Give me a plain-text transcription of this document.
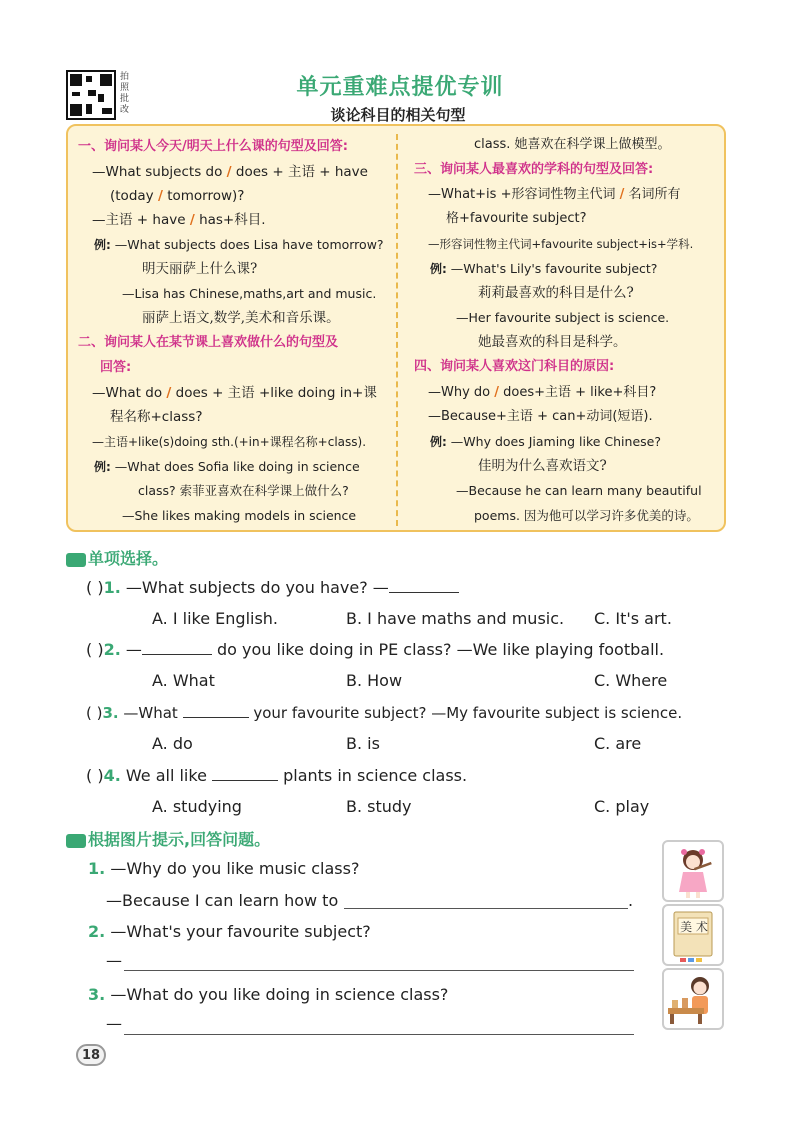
拍照批改
单元重难点提优专训
谈论科目的相关句型
一、询问某人今天/明天上什么课的句型及回答:
—What subjects do / does + 主语 + have
(today / tomorrow)?
—主语 + have / has+科目.
例: —What subjects does Lisa have tomorrow?
明天丽萨上什么课?
—Lisa has Chinese,maths,art and music.
丽萨上语文,数学,美术和音乐课。
二、询问某人在某节课上喜欢做什么的句型及
回答:
—What do / does + 主语 +like doing in+课
程名称+class?
—主语+like(s)doing sth.(+in+课程名称+class).
例: —What does Sofia like doing in science
class? 索菲亚喜欢在科学课上做什么?
—She likes making models in science
class. 她喜欢在科学课上做模型。
三、询问某人最喜欢的学科的句型及回答:
—What+is +形容词性物主代词 / 名词所有
格+favourite subject?
—形容词性物主代词+favourite subject+is+学科.
例: —What's Lily's favourite subject?
莉莉最喜欢的科目是什么?
—Her favourite subject is science.
她最喜欢的科目是科学。
四、询问某人喜欢这门科目的原因:
—Why do / does+主语 + like+科目?
—Because+主语 + can+动词(短语).
例: —Why does Jiaming like Chinese?
佳明为什么喜欢语文?
—Because he can learn many beautiful
poems. 因为他可以学习许多优美的诗。
单项选择。
( )1. —What subjects do you have? —
A. I like English.	B. I have maths and music. C. It's art.
( )2. —	do you like doing in PE class? —We like playing football.
A. What	B. How	C. Where
( )3. —What	your favourite subject? —My favourite subject is science.
A. do	B. is	C. are
( )4. We all like	plants in science class.
A. studying	B. study	C. play
根据图片提示,回答问题。
1. —Why do you like music class?
—Because I can learn how to	.
2. —What's your favourite subject?
—
3. —What do you like doing in science class?
—
美 术
18
